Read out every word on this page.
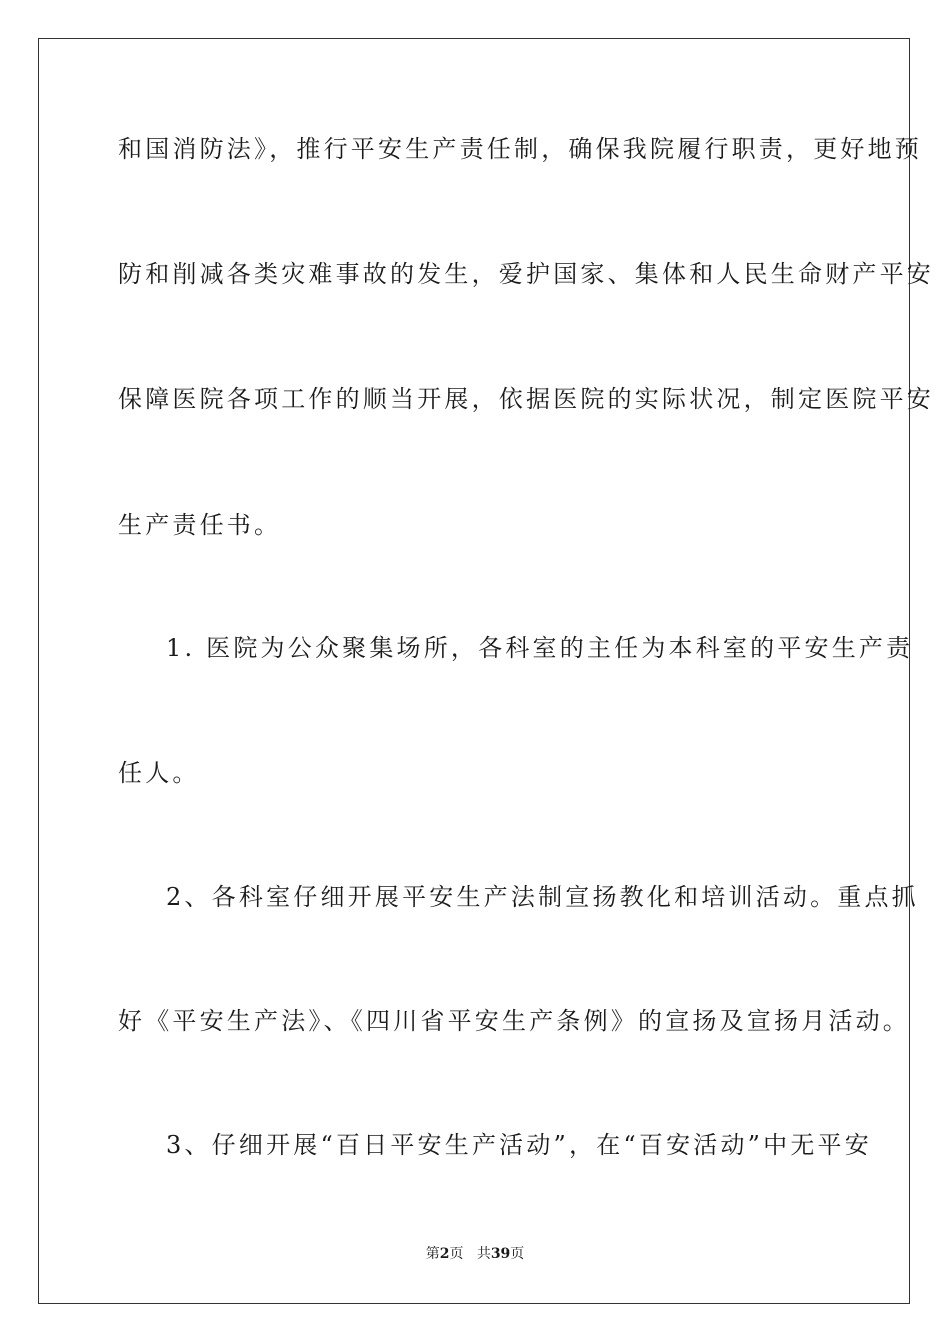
和国消防法》，推行平安生产责任制，确保我院履行职责，更好地预
防和削减各类灾难事故的发生，爱护国家、集体和人民生命财产平安
保障医院各项工作的顺当开展，依据医院的实际状况，制定医院平安
生产责任书。
1. 医院为公众聚集场所，各科室的主任为本科室的平安生产责
任人。
2、各科室仔细开展平安生产法制宣扬教化和培训活动。重点抓
好《平安生产法》、《四川省平安生产条例》的宣扬及宣扬月活动。
3、仔细开展“百日平安生产活动”，在“百安活动”中无平安
第2页 共39页
